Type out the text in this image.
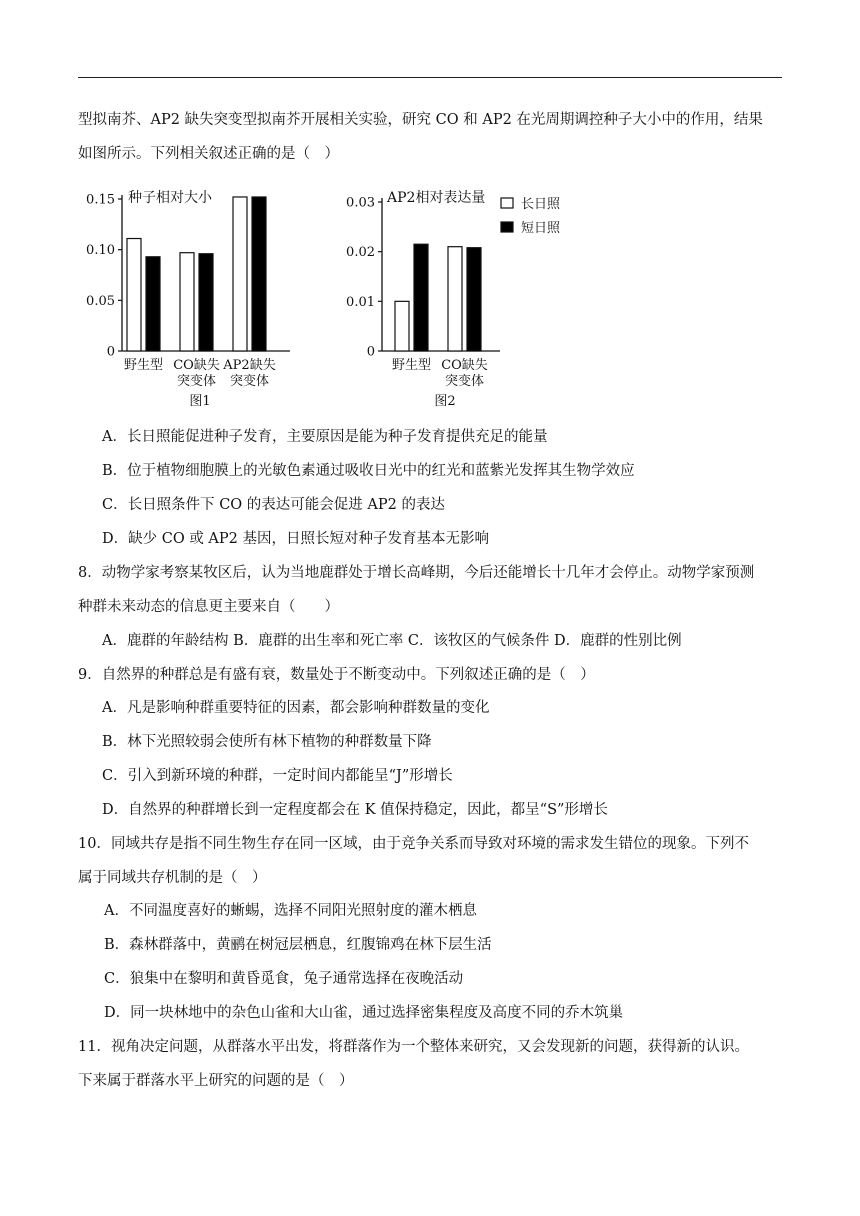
型拟南芥、AP2 缺失突变型拟南芥开展相关实验，研究 CO 和 AP2 在光周期调控种子大小中的作用，结果
如图所示。下列相关叙述正确的是（　）
0
0.05
0.10
0.15 种子相对大小
野生型 CO缺失
突变体
AP2缺失
突变体
图1
0
0.01
0.02
0.03 AP2相对表达量
野生型 CO缺失
突变体
图2
长日照
短日照
A．长日照能促进种子发育，主要原因是能为种子发育提供充足的能量
B．位于植物细胞膜上的光敏色素通过吸收日光中的红光和蓝紫光发挥其生物学效应
C．长日照条件下 CO 的表达可能会促进 AP2 的表达
D．缺少 CO 或 AP2 基因，日照长短对种子发育基本无影响
8．动物学家考察某牧区后，认为当地鹿群处于增长高峰期，今后还能增长十几年才会停止。动物学家预测
种群未来动态的信息更主要来自（　　）
A．鹿群的年龄结构 B．鹿群的出生率和死亡率 C．该牧区的气候条件 D．鹿群的性别比例
9．自然界的种群总是有盛有衰，数量处于不断变动中。下列叙述正确的是（　）
A．凡是影响种群重要特征的因素，都会影响种群数量的变化
B．林下光照较弱会使所有林下植物的种群数量下降
C．引入到新环境的种群，一定时间内都能呈“J”形增长
D．自然界的种群增长到一定程度都会在 K 值保持稳定，因此，都呈“S”形增长
10．同域共存是指不同生物生存在同一区域，由于竞争关系而导致对环境的需求发生错位的现象。下列不
属于同域共存机制的是（　）
A．不同温度喜好的蜥蜴，选择不同阳光照射度的灌木栖息
B．森林群落中，黄鹂在树冠层栖息，红腹锦鸡在林下层生活
C．狼集中在黎明和黄昏觅食，兔子通常选择在夜晚活动
D．同一块林地中的杂色山雀和大山雀，通过选择密集程度及高度不同的乔木筑巢
11．视角决定问题，从群落水平出发，将群落作为一个整体来研究，又会发现新的问题，获得新的认识。
下来属于群落水平上研究的问题的是（　）
